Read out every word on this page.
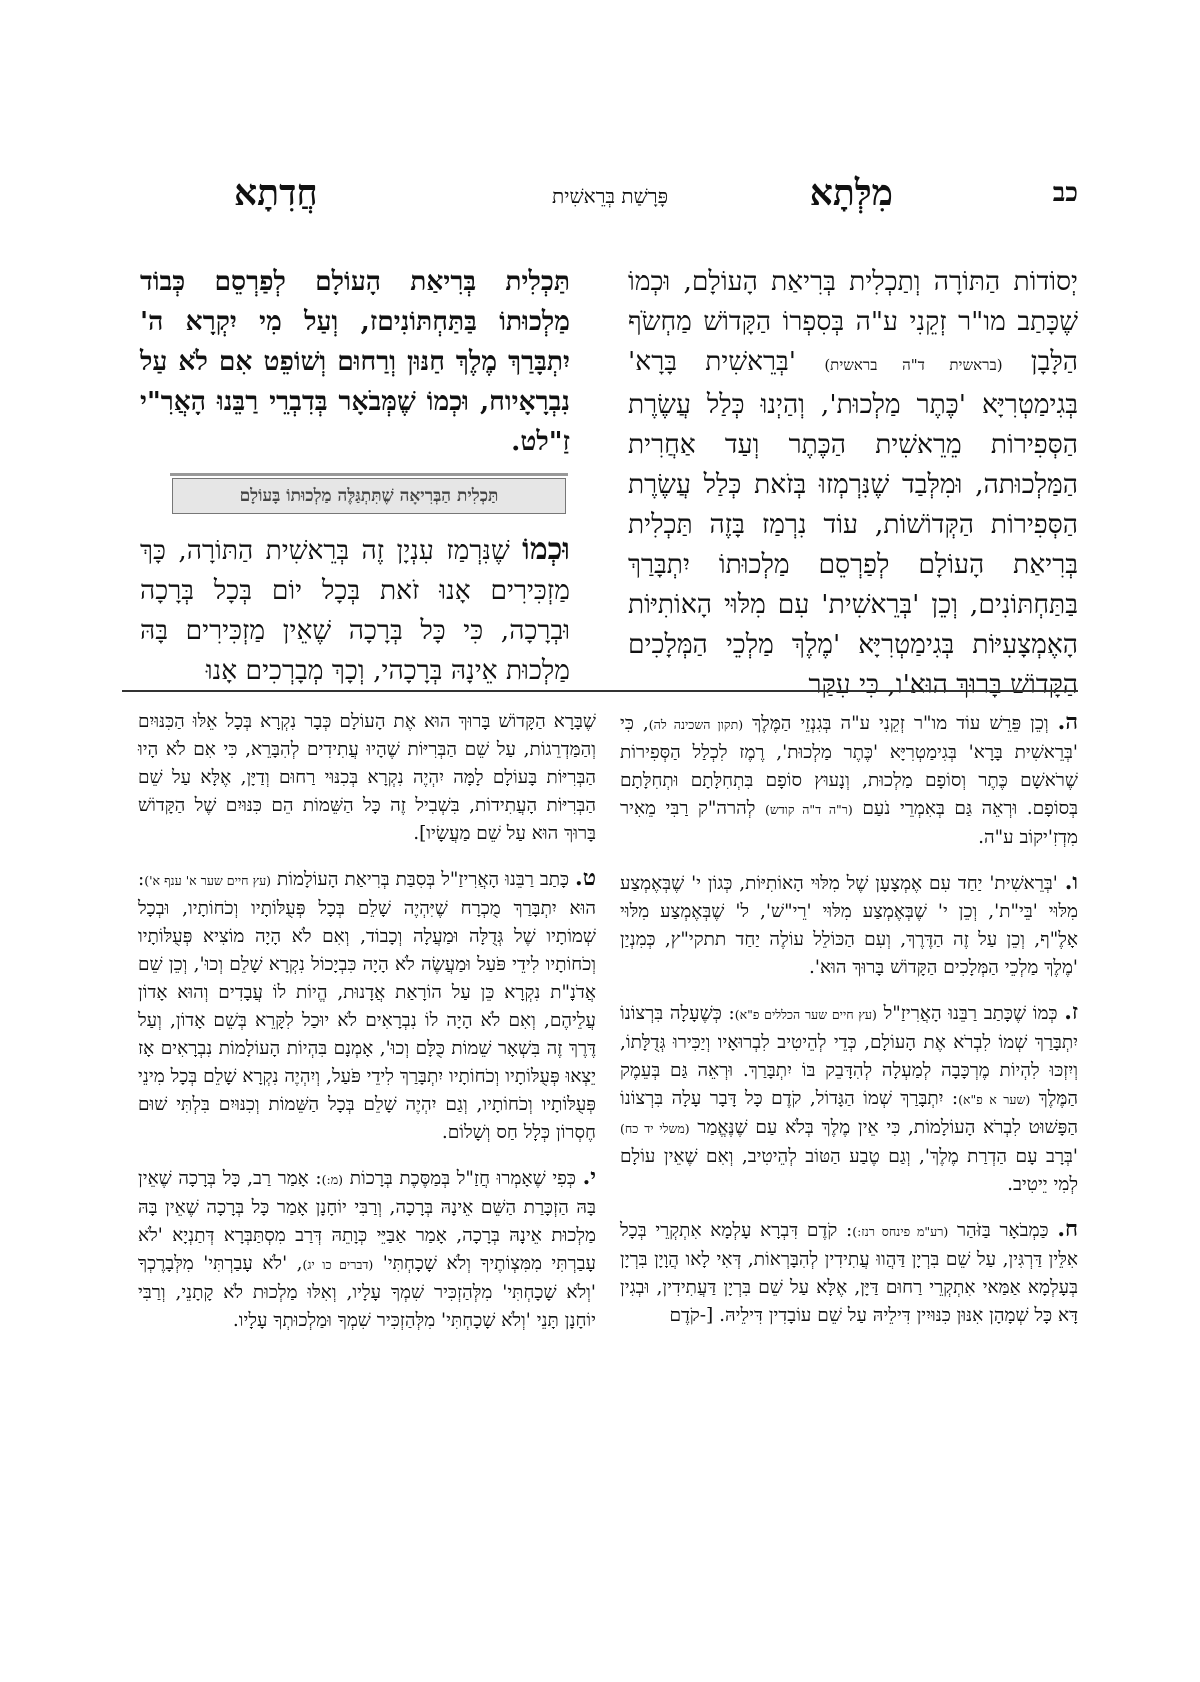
כב
מִלְּתָא
פָּרָשַׁת בְּרֵאשִׁית
חֲדִתָא
יְסוֹדוֹת הַתּוֹרָה וְתַכְלִית בְּרִיאַת הָעוֹלָם, וּכְמוֹ שֶׁכָּתַב מו"ר זְקֵנִי ע"ה בְּסִפְרוֹ הַקָּדוֹשׁ מַחְשֹׂף הַלָּבָן (בראשית ד"ה בראשית) 'בְּרֵאשִׁית בָּרָא' בְּגִימַטְרִיָּא 'כֶּתֶר מַלְכוּת', וְהַיְנוּ כְּלַל עֲשֶׂרֶת הַסְּפִירוֹת מֵרֵאשִׁית הַכֶּתֶר וְעַד אַחֲרִית הַמַּלְכוּתה, וּמִלְּבַד שֶׁנִּרְמְזוּ בְּזֹאת כְּלַל עֲשֶׂרֶת הַסְּפִירוֹת הַקְּדוֹשׁוֹת, עוֹד נִרְמַז בָּזֶה תַּכְלִית בְּרִיאַת הָעוֹלָם לְפַרְסֵם מַלְכוּתוֹ יִתְבָּרַךְ בַּתַּחְתּוֹנִים, וְכֵן 'בְּרֵאשִׁית' עִם מִלּוּי הָאוֹתִיּוֹת הָאֶמְצָעִיּוֹת בְּגִימַטְרִיָּא 'מֶלֶךְ מַלְכֵי הַמְּלָכִים הַקָּדוֹשׁ בָּרוּךְ הוּא'ו, כִּי עִקַּר
תַּכְלִית בְּרִיאַת הָעוֹלָם לְפַרְסֵם כְּבוֹד מַלְכוּתוֹ בַּתַּחְתּוֹנִיםז, וְעַל מִי יִקְרָא ה' יִתְבָּרַךְ מֶלֶךְ חַנּוּן וְרַחוּם וְשׁוֹפֵט אִם לֹא עַל נִבְרָאָיוח, וּכְמוֹ שֶׁמְּבֹאָר בְּדִבְרֵי רַבֵּנוּ הָאֲרִ"י זַ"לט.
תַּכְלִית הַבְּרִיאָה שֶׁתִּתְגַּלֶּה מַלְכוּתוֹ בָּעוֹלָם
וּכְמוֹ שֶׁנִּרְמַז עִנְיָן זֶה בְּרֵאשִׁית הַתּוֹרָה, כָּךְ מַזְכִּירִים אָנוּ זֹאת בְּכָל יוֹם בְּכָל בְּרָכָה וּבְרָכָה, כִּי כָּל בְּרָכָה שֶׁאֵין מַזְכִּירִים בָּהּ מַלְכוּת אֵינָהּ בְּרָכָהי, וְכָךְ מְבָרְכִים אָנוּ

ה. וְכֵן פֵּרֵשׁ עוֹד מו"ר זְקֵנִי ע"ה בְּגִנְזֵי הַמֶּלֶךְ (תקון השכינה לה), כִּי 'בְּרֵאשִׁית בָּרָא' בְּגִימַטְרִיָּא 'כֶּתֶר מַלְכוּת', רֶמֶז לִכְלַל הַסְּפִירוֹת שֶׁרֹאשָׁם כֶּתֶר וְסוֹפָם מַלְכוּת, וְנָעוּץ סוֹפָם בִּתְחִלָּתָם וּתְחִלָּתָם בְּסוֹפָם. וּרְאֵה גַּם בְּאִמְרֵי נֹעַם (ר"ה ד"ה קודש) לְהרה"ק רַבִּי מֵאִיר מִדְזִ'יקוֹב ע"ה.

ו. 'בְּרֵאשִׁית' יַחַד עִם אֶמְצָעָן שֶׁל מִלּוּי הָאוֹתִיּוֹת, כְּגוֹן י' שֶׁבְּאֶמְצַע מִלּוּי 'בֵּי"ת', וְכֵן י' שֶׁבְּאֶמְצַע מִלּוּי 'רֵי"שׁ', ל' שֶׁבְּאֶמְצַע מִלּוּי אָלֶ"ף, וְכֵן עַל זֶה הַדֶּרֶךְ, וְעִם הַכּוֹלֵל עוֹלֶה יַחַד תתקי"ץ, כְּמִנְיַן 'מֶלֶךְ מַלְכֵי הַמְּלָכִים הַקָּדוֹשׁ בָּרוּךְ הוּא'.

ז. כְּמוֹ שֶׁכָּתַב רַבֵּנוּ הָאֲרִיזַ"ל (עץ חיים שער הכללים פ"א): כְּשֶׁעָלָה בִּרְצוֹנוֹ יִתְבָּרַךְ שְׁמוֹ לִבְרֹא אֶת הָעוֹלָם, כְּדֵי לְהֵיטִיב לִבְרוּאָיו וְיַכִּירוּ גְּדֻלָּתוֹ, וְיִזְכּוּ לִהְיוֹת מֶרְכָּבָה לְמַעְלָה לְהִדָּבֵק בּוֹ יִתְבָּרַךְ. וּרְאֵה גַּם בְּעֵמֶק הַמֶּלֶךְ (שער א פ"א): יִתְבָּרַךְ שְׁמוֹ הַגָּדוֹל, קֹדֶם כָּל דָּבָר עָלָה בִּרְצוֹנוֹ הַפָּשׁוּט לִבְרֹא הָעוֹלָמוֹת, כִּי אֵין מֶלֶךְ בְּלֹא עַם שֶׁנֶּאֱמַר (משלי יד כח) 'בְּרָב עָם הַדְרַת מֶלֶךְ', וְגַם טֶבַע הַטּוֹב לְהֵיטִיב, וְאִם שֶׁאֵין עוֹלָם לְמִי יֵיטִיב.

ח. כַּמְבֹאָר בַּזֹּהַר (רע"מ פינחס רנז:): קֹדֶם דִּבְרָא עָלְמָא אִתְקְרֵי בְּכָל אִלֵּין דַּרְגִּין, עַל שֵׁם בִּרְיָן דַּהֲווּ עֲתִידִין לְהִבָּרְאוֹת, דְּאִי לָאו הֲוָיָן בִּרְיָן בְּעָלְמָא אַמַּאי אִתְקְרֵי רַחוּם דַּיָּן, אֶלָּא עַל שֵׁם בִּרְיָן דַּעֲתִידִין, וּבְגִין דָּא כָּל שְׁמָהָן אִנּוּן כִּנּוּיִין דִּילֵיהּ עַל שֵׁם עוֹבָדִין דִּילֵיהּ. [-קֹדֶם

שֶׁבָּרָא הַקָּדוֹשׁ בָּרוּךְ הוּא אֶת הָעוֹלָם כְּבָר נִקְרָא בְּכָל אֵלּוּ הַכִּנּוּיִם וְהַמַּדְרֵגוֹת, עַל שֵׁם הַבְּרִיּוֹת שֶׁהָיוּ עֲתִידִים לְהִבָּרֵא, כִּי אִם לֹא הָיוּ הַבְּרִיּוֹת בָּעוֹלָם לָמָּה יִהְיֶה נִקְרָא בְּכִנּוּי רַחוּם וְדַיָּן, אֶלָּא עַל שֵׁם הַבְּרִיּוֹת הָעֲתִידוֹת, בִּשְׁבִיל זֶה כָּל הַשֵּׁמוֹת הֵם כִּנּוּיִם שֶׁל הַקָּדוֹשׁ בָּרוּךְ הוּא עַל שֵׁם מַעֲשָׂיו].

ט. כָּתַב רַבֵּנוּ הָאֲרִיזַ"ל בְּסִבַּת בְּרִיאַת הָעוֹלָמוֹת (עץ חיים שער א' ענף א'): הוּא יִתְבָּרַךְ מֻכְרָח שֶׁיִּהְיֶה שָׁלֵם בְּכָל פְּעֻלּוֹתָיו וְכֹחוֹתָיו, וּבְכָל שְׁמוֹתָיו שֶׁל גְּדֻלָּה וּמַעֲלָה וְכָבוֹד, וְאִם לֹא הָיָה מוֹצִיא פְּעֻלּוֹתָיו וְכֹחוֹתָיו לִידֵי פֹּעַל וּמַעֲשֶׂה לֹא הָיָה כִּבְיָכוֹל נִקְרָא שָׁלֵם וְכוּ', וְכֵן שֵׁם אֲדֹנָ"ת נִקְרָא כֵּן עַל הוֹרָאַת אֲדָנוּת, הֱיוֹת לוֹ עֲבָדִים וְהוּא אָדוֹן עֲלֵיהֶם, וְאִם לֹא הָיָה לוֹ נִבְרָאִים לֹא יוּכַל לִקָּרֵא בְּשֵׁם אָדוֹן, וְעַל דֶּרֶךְ זֶה בִּשְׁאָר שֵׁמוֹת כֻּלָּם וְכוּ', אָמְנָם בִּהְיוֹת הָעוֹלָמוֹת נִבְרָאִים אָז יֵצְאוּ פְּעֻלּוֹתָיו וְכֹחוֹתָיו יִתְבָּרַךְ לִידֵי פֹּעַל, וְיִהְיֶה נִקְרָא שָׁלֵם בְּכָל מִינֵי פְּעֻלּוֹתָיו וְכֹחוֹתָיו, וְגַם יִהְיֶה שָׁלֵם בְּכָל הַשֵּׁמוֹת וְכִנּוּיִם בִּלְתִּי שׁוּם חֶסְרוֹן כְּלָל חַס וְשָׁלוֹם.

י. כְּפִי שֶׁאָמְרוּ חֲזַ"ל בְּמַסֶּכֶת בְּרָכוֹת (מ:): אָמַר רַב, כָּל בְּרָכָה שֶׁאֵין בָּהּ הַזְכָּרַת הַשֵּׁם אֵינָהּ בְּרָכָה, וְרַבִּי יוֹחָנָן אָמַר כָּל בְּרָכָה שֶׁאֵין בָּהּ מַלְכוּת אֵינָהּ בְּרָכָה, אָמַר אַבַּיֵּי כְּוָתֵהּ דְּרַב מִסְתַּבְּרָא דְּתַנְיָא 'לֹא עָבַרְתִּי מִמִּצְוֹתֶיךָ וְלֹא שָׁכָחְתִּי' (דברים כו יג), 'לֹא עָבַרְתִּי' מִלְּבָרֶכְךָ 'וְלֹא שָׁכָחְתִּי' מִלְּהַזְכִּיר שִׁמְךָ עָלָיו, וְאִלּוּ מַלְכוּת לֹא קָתָנֵי, וְרַבִּי יוֹחָנָן תָּנֵי 'וְלֹא שָׁכָחְתִּי' מִלְּהַזְכִּיר שִׁמְךָ וּמַלְכוּתְךָ עָלָיו.
